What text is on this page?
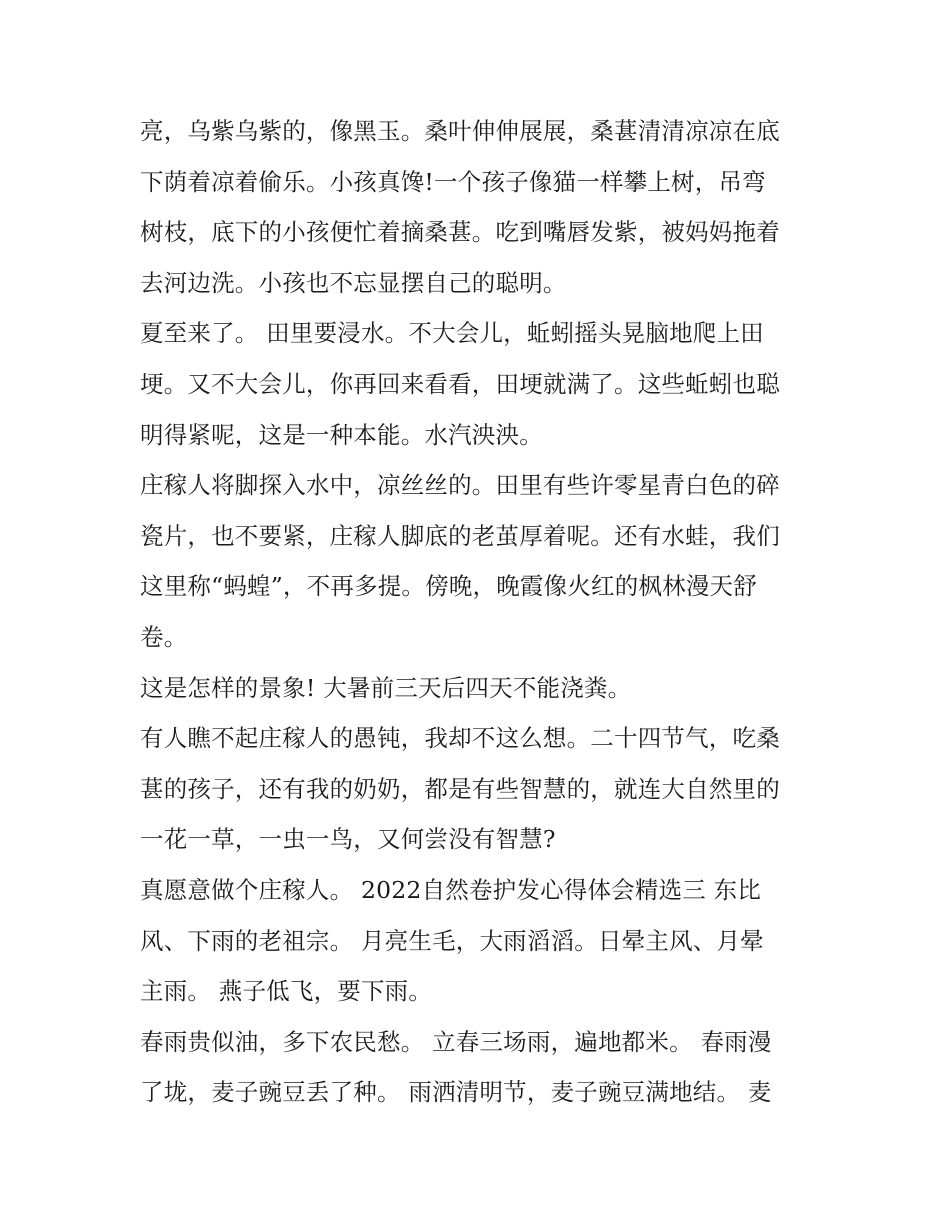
亮，乌紫乌紫的，像黑玉。桑叶伸伸展展，桑葚清清凉凉在底
下荫着凉着偷乐。小孩真馋!一个孩子像猫一样攀上树，吊弯
树枝，底下的小孩便忙着摘桑葚。吃到嘴唇发紫，被妈妈拖着
去河边洗。小孩也不忘显摆自己的聪明。
夏至来了。 田里要浸水。不大会儿，蚯蚓摇头晃脑地爬上田
埂。又不大会儿，你再回来看看，田埂就满了。这些蚯蚓也聪
明得紧呢，这是一种本能。水汽泱泱。
庄稼人将脚探入水中，凉丝丝的。田里有些许零星青白色的碎
瓷片，也不要紧，庄稼人脚底的老茧厚着呢。还有水蛙，我们
这里称“蚂蝗”，不再多提。傍晚，晚霞像火红的枫林漫天舒
卷。
这是怎样的景象! 大暑前三天后四天不能浇粪。
有人瞧不起庄稼人的愚钝，我却不这么想。二十四节气，吃桑
葚的孩子，还有我的奶奶，都是有些智慧的，就连大自然里的
一花一草，一虫一鸟，又何尝没有智慧?
真愿意做个庄稼人。 2022自然卷护发心得体会精选三 东比
风、下雨的老祖宗。 月亮生毛，大雨滔滔。日晕主风、月晕
主雨。 燕子低飞，要下雨。
春雨贵似油，多下农民愁。 立春三场雨，遍地都米。 春雨漫
了垅，麦子豌豆丢了种。 雨洒清明节，麦子豌豆满地结。 麦
